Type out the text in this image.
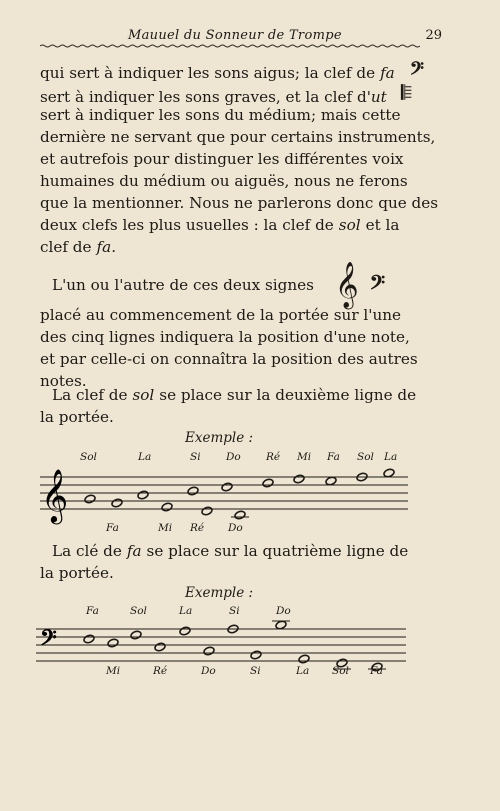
Mauuel du Sonneur de Trompe	29
qui sert à indiquer les sons aigus; la clef de fa 𝄢
sert à indiquer les sons graves, et la clef d' ut
sert à indiquer les sons du médium; mais cette
dernière ne servant que pour certains instruments,
et autrefois pour distinguer les différentes voix
humaines du médium ou aiguës, nous ne ferons
que la mentionner. Nous ne parlerons donc que des
deux clefs les plus usuelles : la clef de sol et la
clef de fa.
L'un ou l'autre de ces deux signes 𝄞 𝄢
placé au commencement de la portée sur l'une
des cinq lignes indiquera la position d'une note,
et par celle-ci on connaîtra la position des autres
notes.
La clef de sol se place sur la deuxième ligne de
la portée.
Exemple :
Sol	La	Si Do Ré Mi Fa Sol La
Fa	Mi Ré Do
𝄞
La clé de fa se place sur la quatrième ligne de
la portée.
Exemple :
Fa	Sol	La	Si	Do
Mi	Ré	Do	Si	La Sol Fa
𝄢
